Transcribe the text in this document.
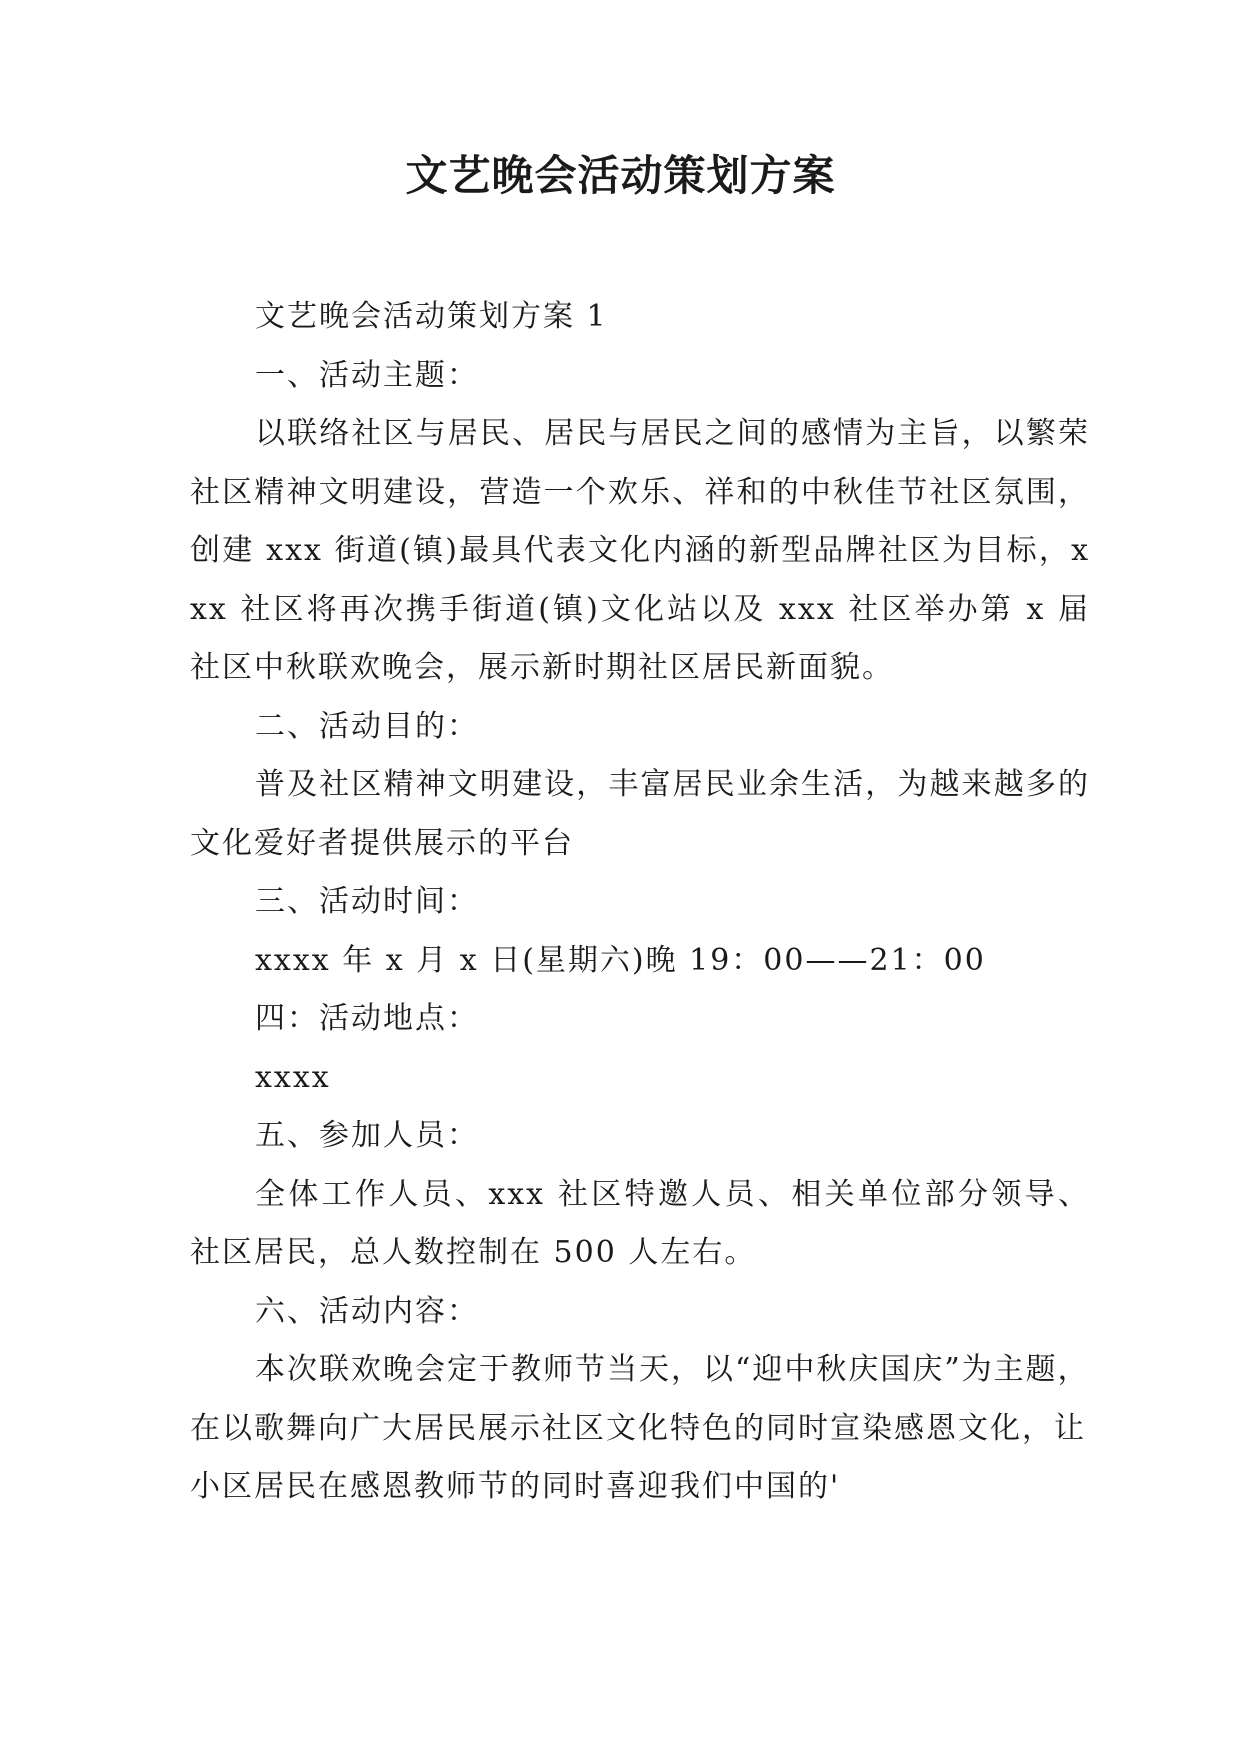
文艺晚会活动策划方案

文艺晚会活动策划方案 1

一、活动主题：

以联络社区与居民、居民与居民之间的感情为主旨，以繁荣社区精神文明建设，营造一个欢乐、祥和的中秋佳节社区氛围，创建 xxx 街道(镇)最具代表文化内涵的新型品牌社区为目标，xxx 社区将再次携手街道(镇)文化站以及 xxx 社区举办第 x 届社区中秋联欢晚会，展示新时期社区居民新面貌。

二、活动目的：

普及社区精神文明建设，丰富居民业余生活，为越来越多的文化爱好者提供展示的平台

三、活动时间：

xxxx 年 x 月 x 日(星期六)晚 19：00——21：00

四：活动地点：

xxxx

五、参加人员：

全体工作人员、xxx 社区特邀人员、相关单位部分领导、社区居民，总人数控制在 500 人左右。

六、活动内容：

本次联欢晚会定于教师节当天，以“迎中秋庆国庆”为主题，在以歌舞向广大居民展示社区文化特色的同时宣染感恩文化，让小区居民在感恩教师节的同时喜迎我们中国的'
